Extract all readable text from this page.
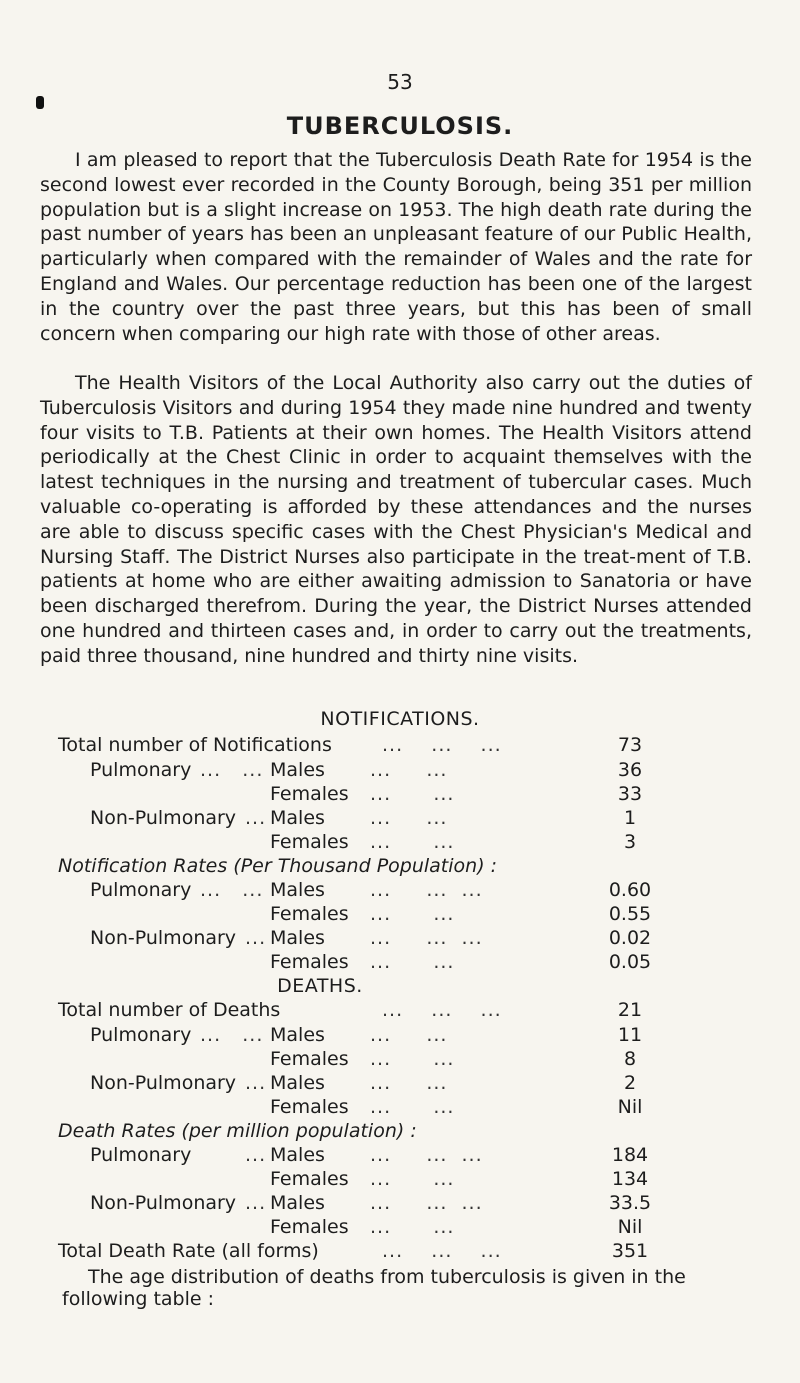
53
TUBERCULOSIS.

I am pleased to report that the Tuberculosis Death Rate for 1954 is the second lowest ever recorded in the County Borough, being 351 per million population but is a slight increase on 1953. The high death rate during the past number of years has been an unpleasant feature of our Public Health, particularly when compared with the remainder of Wales and the rate for England and Wales. Our percentage reduction has been one of the largest in the country over the past three years, but this has been of small concern when comparing our high rate with those of other areas.

The Health Visitors of the Local Authority also carry out the duties of Tuberculosis Visitors and during 1954 they made nine hundred and twenty four visits to T.B. Patients at their own homes. The Health Visitors attend periodically at the Chest Clinic in order to acquaint themselves with the latest techniques in the nursing and treatment of tubercular cases. Much valuable co-operating is afforded by these attendances and the nurses are able to discuss specific cases with the Chest Physician's Medical and Nursing Staff. The District Nurses also participate in the treat-ment of T.B. patients at home who are either awaiting admission to Sanatoria or have been discharged therefrom. During the year, the District Nurses attended one hundred and thirteen cases and, in order to carry out the treatments, paid three thousand, nine hundred and thirty nine visits.

NOTIFICATIONS.
Total number of Notifications	...    ...    ...	73
Pulmonary ...   ... Males ...     ...	36
Females ...      ...	33
Non-Pulmonary ... Males ...     ...	1
Females ...      ...	3
Notification Rates (Per Thousand Population) :
Pulmonary ...   ... Males ...     ...  ...	0.60
Females ...      ...	0.55
Non-Pulmonary ... Males ...     ...  ...	0.02
Females ...      ...	0.05
DEATHS.
Total number of Deaths	...    ...    ...	21
Pulmonary ...   ... Males ...     ...	11
Females ...      ...	8
Non-Pulmonary ... Males ...     ...	2
Females ...      ...	Nil
Death Rates (per million population) :
Pulmonary	... Males ...     ...  ...	184
Females ...      ...	134
Non-Pulmonary ... Males ...     ...  ...	33.5
Females ...      ...	Nil
Total Death Rate (all forms)	...    ...    ...	351
The age distribution of deaths from tuberculosis is given in the following table :
